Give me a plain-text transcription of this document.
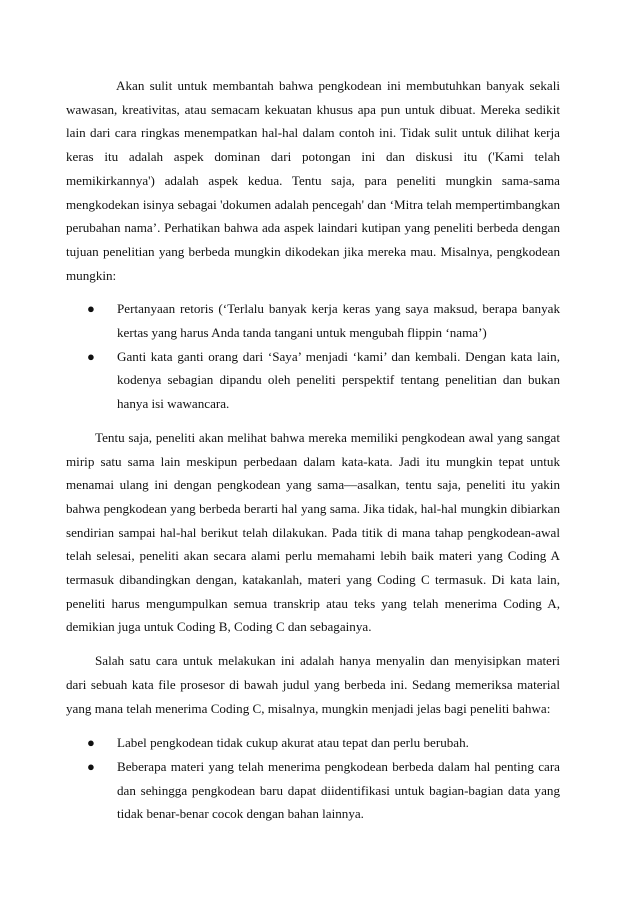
Akan sulit untuk membantah bahwa pengkodean ini membutuhkan banyak sekali wawasan, kreativitas, atau semacam kekuatan khusus apa pun untuk dibuat. Mereka sedikit lain dari cara ringkas menempatkan hal-hal dalam contoh ini. Tidak sulit untuk dilihat kerja keras itu adalah aspek dominan dari potongan ini dan diskusi itu ('Kami telah memikirkannya') adalah aspek kedua. Tentu saja, para peneliti mungkin sama-sama mengkodekan isinya sebagai 'dokumen adalah pencegah' dan ‘Mitra telah mempertimbangkan perubahan nama’. Perhatikan bahwa ada aspek laindari kutipan yang peneliti berbeda dengan tujuan penelitian yang berbeda mungkin dikodekan jika mereka mau. Misalnya, pengkodean mungkin:

● Pertanyaan retoris (‘Terlalu banyak kerja keras yang saya maksud, berapa banyak kertas yang harus Anda tanda tangani untuk mengubah flippin ‘nama’)
● Ganti kata ganti orang dari ‘Saya’ menjadi ‘kami’ dan kembali. Dengan kata lain, kodenya sebagian dipandu oleh peneliti perspektif tentang penelitian dan bukan hanya isi wawancara.

Tentu saja, peneliti akan melihat bahwa mereka memiliki pengkodean awal yang sangat mirip satu sama lain meskipun perbedaan dalam kata-kata. Jadi itu mungkin tepat untuk menamai ulang ini dengan pengkodean yang sama—asalkan, tentu saja, peneliti itu yakin bahwa pengkodean yang berbeda berarti hal yang sama. Jika tidak, hal-hal mungkin dibiarkan sendirian sampai hal-hal berikut telah dilakukan. Pada titik di mana tahap pengkodean-awal telah selesai, peneliti akan secara alami perlu memahami lebih baik materi yang Coding A termasuk dibandingkan dengan, katakanlah, materi yang Coding C termasuk. Di kata lain, peneliti harus mengumpulkan semua transkrip atau teks yang telah menerima Coding A, demikian juga untuk Coding B, Coding C dan sebagainya.

Salah satu cara untuk melakukan ini adalah hanya menyalin dan menyisipkan materi dari sebuah kata file prosesor di bawah judul yang berbeda ini. Sedang memeriksa material yang mana telah menerima Coding C, misalnya, mungkin menjadi jelas bagi peneliti bahwa:

● Label pengkodean tidak cukup akurat atau tepat dan perlu berubah.
● Beberapa materi yang telah menerima pengkodean berbeda dalam hal penting cara dan sehingga pengkodean baru dapat diidentifikasi untuk bagian-bagian data yang tidak benar-benar cocok dengan bahan lainnya.
